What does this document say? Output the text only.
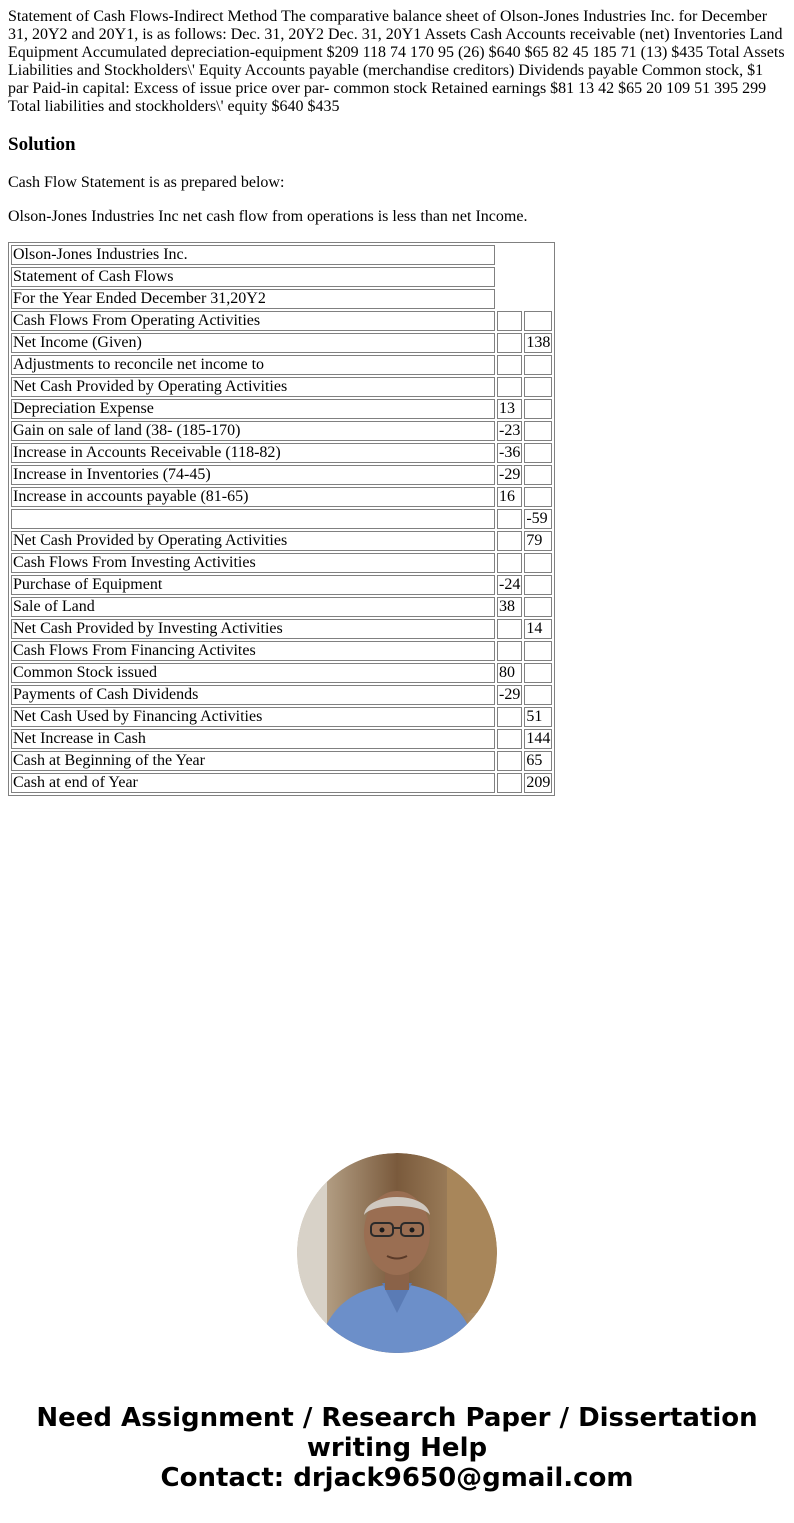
Statement of Cash Flows-Indirect Method The comparative balance sheet of Olson-Jones Industries Inc. for December 31, 20Y2 and 20Y1, is as follows: Dec. 31, 20Y2 Dec. 31, 20Y1 Assets Cash Accounts receivable (net) Inventories Land Equipment Accumulated depreciation-equipment $209 118 74 170 95 (26) $640 $65 82 45 185 71 (13) $435 Total Assets Liabilities and Stockholders\' Equity Accounts payable (merchandise creditors) Dividends payable Common stock, $1 par Paid-in capital: Excess of issue price over par- common stock Retained earnings $81 13 42 $65 20 109 51 395 299 Total liabilities and stockholders\' equity $640 $435
Solution

Cash Flow Statement is as prepared below:

Olson-Jones Industries Inc net cash flow from operations is less than net Income.

Olson-Jones Industries Inc.		
Statement of Cash Flows		
For the Year Ended December 31,20Y2		
Cash Flows From Operating Activities		
Net Income (Given)		138
Adjustments to reconcile net income to		
Net Cash Provided by Operating Activities		
Depreciation Expense	13	
Gain on sale of land (38- (185-170)	-23	
Increase in Accounts Receivable (118-82)	-36	
Increase in Inventories (74-45)	-29	
Increase in accounts payable (81-65)	16	
		-59
Net Cash Provided by Operating Activities		79
Cash Flows From Investing Activities		
Purchase of Equipment	-24	
Sale of Land	38	
Net Cash Provided by Investing Activities		14
Cash Flows From Financing Activites		
Common Stock issued	80	
Payments of Cash Dividends	-29	
Net Cash Used by Financing Activities		51
Net Increase in Cash		144
Cash at Beginning of the Year		65
Cash at end of Year		209
Need Assignment / Research Paper / Dissertation
writing Help
Contact: drjack9650@gmail.com
